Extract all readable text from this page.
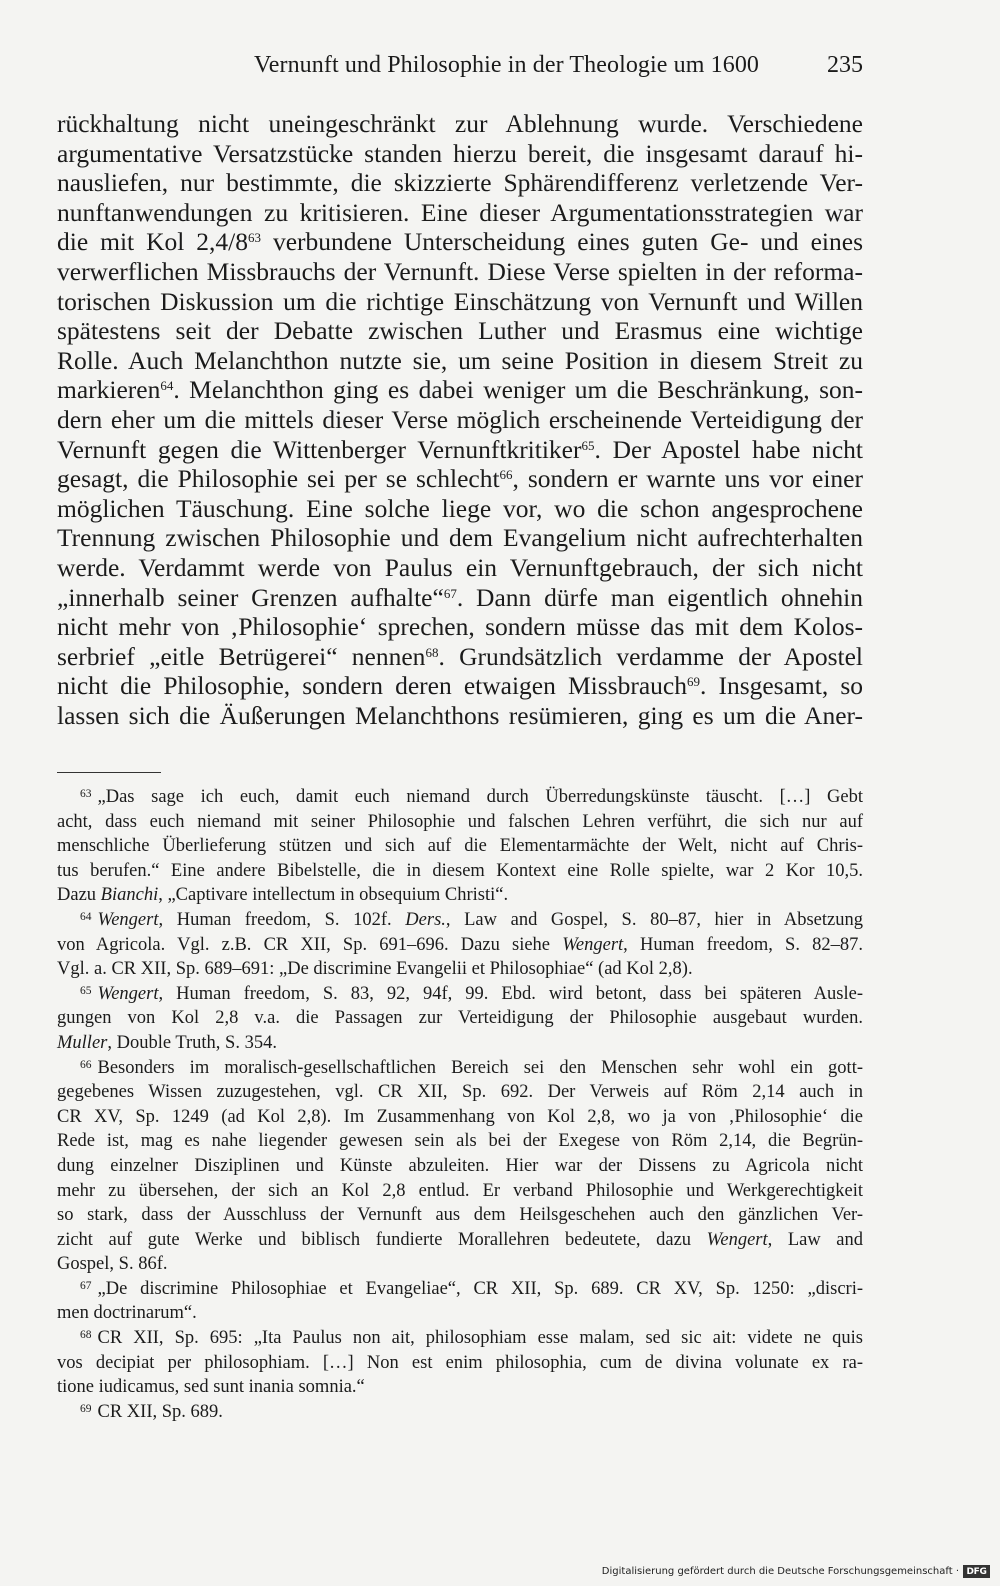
Vernunft und Philosophie in der Theologie um 1600	235
rückhaltung nicht uneingeschränkt zur Ablehnung wurde. Verschiedene
argumentative Versatzstücke standen hierzu bereit, die insgesamt darauf hi-
nausliefen, nur bestimmte, die skizzierte Sphärendifferenz verletzende Ver-
nunftanwendungen zu kritisieren. Eine dieser Argumentationsstrategien war
die mit Kol $2,4/8^{63}$ verbundene Unterscheidung eines guten Ge- und eines
verwerflichen Missbrauchs der Vernunft. Diese Verse spielten in der reforma-
torischen Diskussion um die richtige Einschätzung von Vernunft und Willen
spätestens seit der Debatte zwischen Luther und Erasmus eine wichtige
Rolle. Auch Melanchthon nutzte sie, um seine Position in diesem Streit zu
markieren$^{64}$. Melanchthon ging es dabei weniger um die Beschränkung, son-
dern eher um die mittels dieser Verse möglich erscheinende Verteidigung der
Vernunft gegen die Wittenberger Vernunftkritiker$^{65}$. Der Apostel habe nicht
gesagt, die Philosophie sei per se schlecht$^{66}$, sondern er warnte uns vor einer
möglichen Täuschung. Eine solche liege vor, wo die schon angesprochene
Trennung zwischen Philosophie und dem Evangelium nicht aufrechterhalten
werde. Verdammt werde von Paulus ein Vernunftgebrauch, der sich nicht
„innerhalb seiner Grenzen aufhalte“$^{67}$. Dann dürfe man eigentlich ohnehin
nicht mehr von ‚Philosophie‘ sprechen, sondern müsse das mit dem Kolos-
serbrief „eitle Betrügerei“ nennen$^{68}$. Grundsätzlich verdamme der Apostel
nicht die Philosophie, sondern deren etwaigen Missbrauch$^{69}$. Insgesamt, so
lassen sich die Äußerungen Melanchthons resümieren, ging es um die Aner-
$^{63}$ „Das sage ich euch, damit euch niemand durch Überredungskünste täuscht. […] Gebt
acht, dass euch niemand mit seiner Philosophie und falschen Lehren verführt, die sich nur auf
menschliche Überlieferung stützen und sich auf die Elementarmächte der Welt, nicht auf Chris-
tus berufen.“ Eine andere Bibelstelle, die in diesem Kontext eine Rolle spielte, war 2 Kor 10,5.
Dazu Bianchi, „Captivare intellectum in obsequium Christi“.
$^{64}$ Wengert, Human freedom, S. 102f. Ders., Law and Gospel, S. 80–87, hier in Absetzung
von Agricola. Vgl. z.B. CR XII, Sp. 691–696. Dazu siehe Wengert, Human freedom, S. 82–87.
Vgl. a. CR XII, Sp. 689–691: „De discrimine Evangelii et Philosophiae“ (ad Kol 2,8).
$^{65}$ Wengert, Human freedom, S. 83, 92, 94f, 99. Ebd. wird betont, dass bei späteren Ausle-
gungen von Kol 2,8 v.a. die Passagen zur Verteidigung der Philosophie ausgebaut wurden.
Muller, Double Truth, S. 354.
$^{66}$ Besonders im moralisch-gesellschaftlichen Bereich sei den Menschen sehr wohl ein gott-
gegebenes Wissen zuzugestehen, vgl. CR XII, Sp. 692. Der Verweis auf Röm 2,14 auch in
CR XV, Sp. 1249 (ad Kol 2,8). Im Zusammenhang von Kol 2,8, wo ja von ‚Philosophie‘ die
Rede ist, mag es nahe liegender gewesen sein als bei der Exegese von Röm 2,14, die Begrün-
dung einzelner Disziplinen und Künste abzuleiten. Hier war der Dissens zu Agricola nicht
mehr zu übersehen, der sich an Kol 2,8 entlud. Er verband Philosophie und Werkgerechtigkeit
so stark, dass der Ausschluss der Vernunft aus dem Heilsgeschehen auch den gänzlichen Ver-
zicht auf gute Werke und biblisch fundierte Morallehren bedeutete, dazu Wengert, Law and
Gospel, S. 86f.
$^{67}$ „De discrimine Philosophiae et Evangeliae“, CR XII, Sp. 689. CR XV, Sp. 1250: „discri-
men doctrinarum“.
$^{68}$ CR XII, Sp. 695: „Ita Paulus non ait, philosophiam esse malam, sed sic ait: videte ne quis
vos decipiat per philosophiam. […] Non est enim philosophia, cum de divina volunate ex ra-
tione iudicamus, sed sunt inania somnia.“
$^{69}$ CR XII, Sp. 689.
Digitalisierung gefördert durch die Deutsche Forschungsgemeinschaft · DFG
